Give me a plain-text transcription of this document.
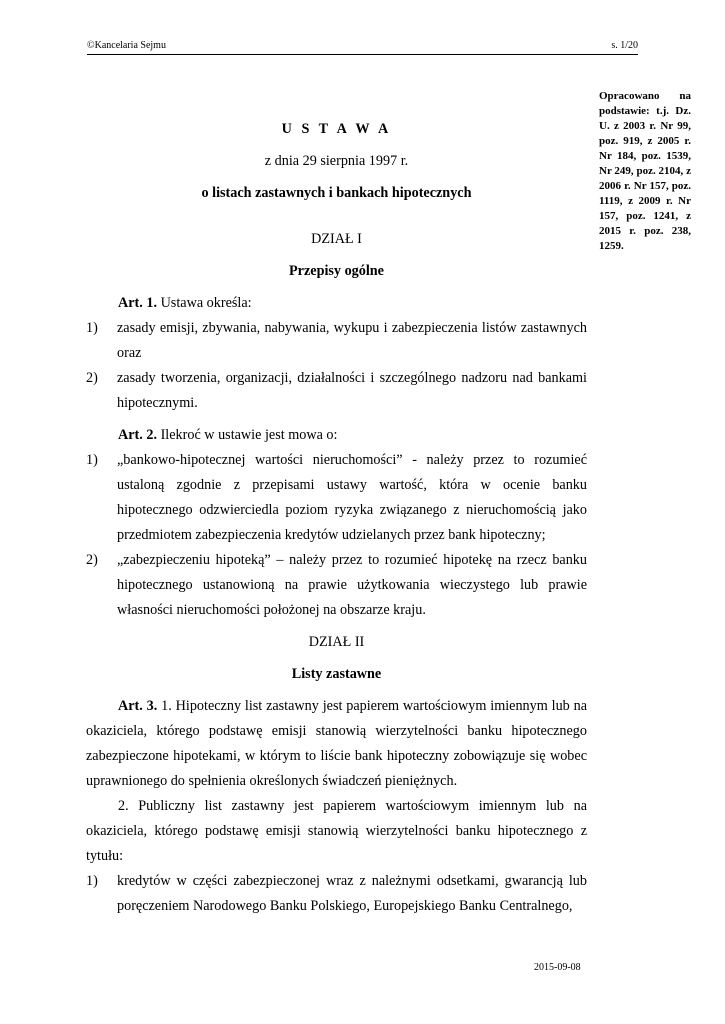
©Kancelaria Sejmu	s. 1/20
Opracowano na podstawie: t.j. Dz. U. z 2003 r. Nr 99, poz. 919, z 2005 r. Nr 184, poz. 1539, Nr 249, poz. 2104, z 2006 r. Nr 157, poz. 1119, z 2009 r. Nr 157, poz. 1241, z 2015 r. poz. 238, 1259.
U S T A W A
z dnia 29 sierpnia 1997 r.
o listach zastawnych i bankach hipotecznych
DZIAŁ I
Przepisy ogólne

Art. 1. Ustawa określa:

1) zasady emisji, zbywania, nabywania, wykupu i zabezpieczenia listów zastawnych oraz
2) zasady tworzenia, organizacji, działalności i szczególnego nadzoru nad bankami hipotecznymi.

Art. 2. Ilekroć w ustawie jest mowa o:

1) „bankowo-hipotecznej wartości nieruchomości” - należy przez to rozumieć ustaloną zgodnie z przepisami ustawy wartość, która w ocenie banku hipotecznego odzwierciedla poziom ryzyka związanego z nieruchomością jako przedmiotem zabezpieczenia kredytów udzielanych przez bank hipoteczny;
2) „zabezpieczeniu hipoteką” – należy przez to rozumieć hipotekę na rzecz banku hipotecznego ustanowioną na prawie użytkowania wieczystego lub prawie własności nieruchomości położonej na obszarze kraju.
DZIAŁ II
Listy zastawne

Art. 3. 1. Hipoteczny list zastawny jest papierem wartościowym imiennym lub na okaziciela, którego podstawę emisji stanowią wierzytelności banku hipotecznego zabezpieczone hipotekami, w którym to liście bank hipoteczny zobowiązuje się wobec uprawnionego do spełnienia określonych świadczeń pieniężnych.

2. Publiczny list zastawny jest papierem wartościowym imiennym lub na okaziciela, którego podstawę emisji stanowią wierzytelności banku hipotecznego z tytułu:

1) kredytów w części zabezpieczonej wraz z należnymi odsetkami, gwarancją lub poręczeniem Narodowego Banku Polskiego, Europejskiego Banku Centralnego,
2015-09-08
